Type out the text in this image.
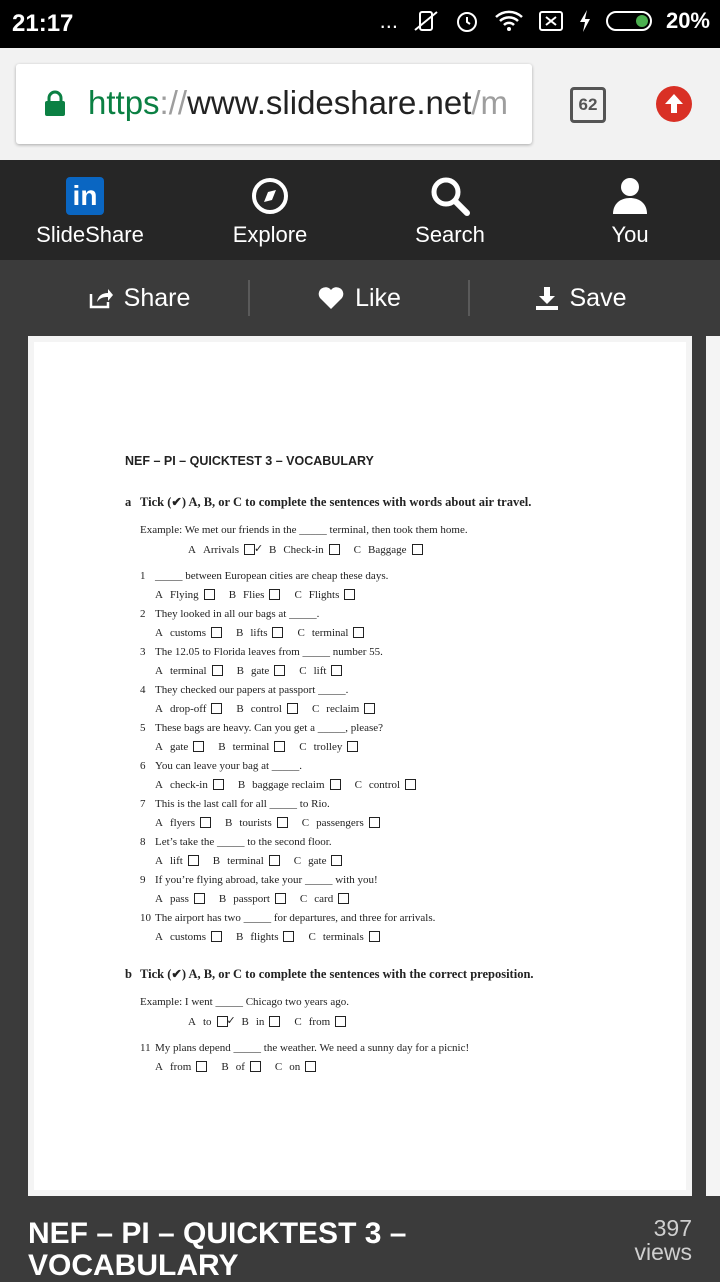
21:17	...	20%
https://www.slideshare.net/m	62
in
SlideShare	Explore	Search	You
Share	Like	Save
NEF – PI – QUICKTEST 3 – VOCABULARY
a Tick (✔) A, B, or C to complete the sentences with words about air travel.
Example: We met our friends in the _____ terminal, then took them home.
A Arrivals ✓	B Check-in	C Baggage
1 _____ between European cities are cheap these days.
A Flying	B Flies	C Flights
2 They looked in all our bags at _____.
A customs	B lifts	C terminal
3 The 12.05 to Florida leaves from _____ number 55.
A terminal	B gate	C lift
4 They checked our papers at passport _____.
A drop-off	B control	C reclaim
5 These bags are heavy. Can you get a _____, please?
A gate	B terminal	C trolley
6 You can leave your bag at _____.
A check-in	B baggage reclaim	C control
7 This is the last call for all _____ to Rio.
A flyers	B tourists	C passengers
8 Let’s take the _____ to the second floor.
A lift	B terminal	C gate
9 If you’re flying abroad, take your _____ with you!
A pass	B passport	C card
10 The airport has two _____ for departures, and three for arrivals.
A customs	B flights	C terminals
b Tick (✔) A, B, or C to complete the sentences with the correct preposition.
Example: I went _____ Chicago two years ago.
A to ✓	B in	C from
11 My plans depend _____ the weather. We need a sunny day for a picnic!
A from	B of	C on
NEF – PI – QUICKTEST 3 – VOCABULARY
397
views
